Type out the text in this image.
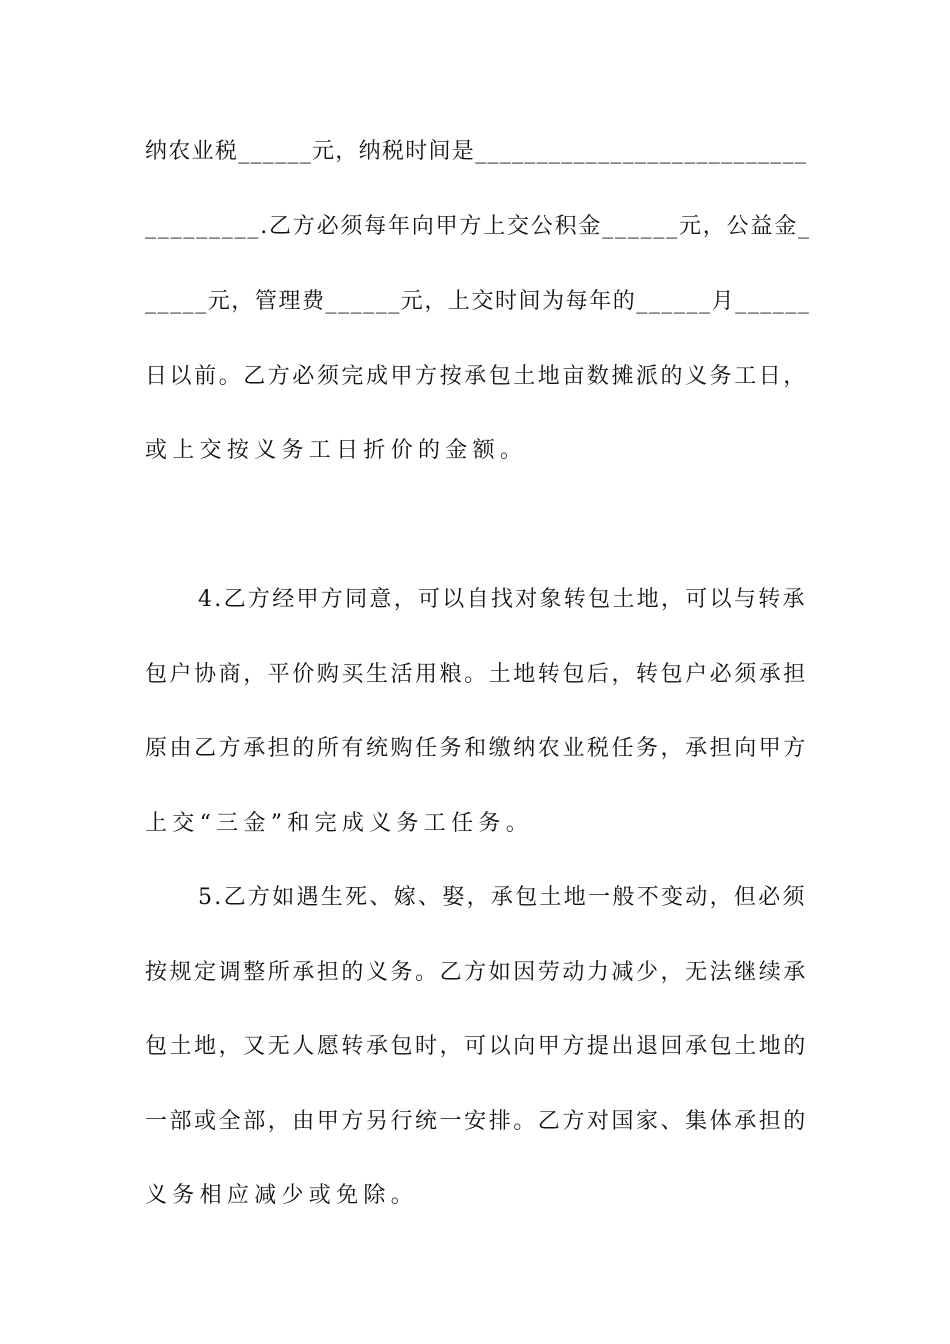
纳农业税______元，纳税时间是___________________________
_________.乙方必须每年向甲方上交公积金______元，公益金_
_____元，管理费______元，上交时间为每年的______月______
日以前。乙方必须完成甲方按承包土地亩数摊派的义务工日，
或上交按义务工日折价的金额。
4.乙方经甲方同意，可以自找对象转包土地，可以与转承
包户协商，平价购买生活用粮。土地转包后，转包户必须承担
原由乙方承担的所有统购任务和缴纳农业税任务，承担向甲方
上交“三金”和完成义务工任务。
5.乙方如遇生死、嫁、娶，承包土地一般不变动，但必须
按规定调整所承担的义务。乙方如因劳动力减少，无法继续承
包土地，又无人愿转承包时，可以向甲方提出退回承包土地的
一部或全部，由甲方另行统一安排。乙方对国家、集体承担的
义务相应减少或免除。
